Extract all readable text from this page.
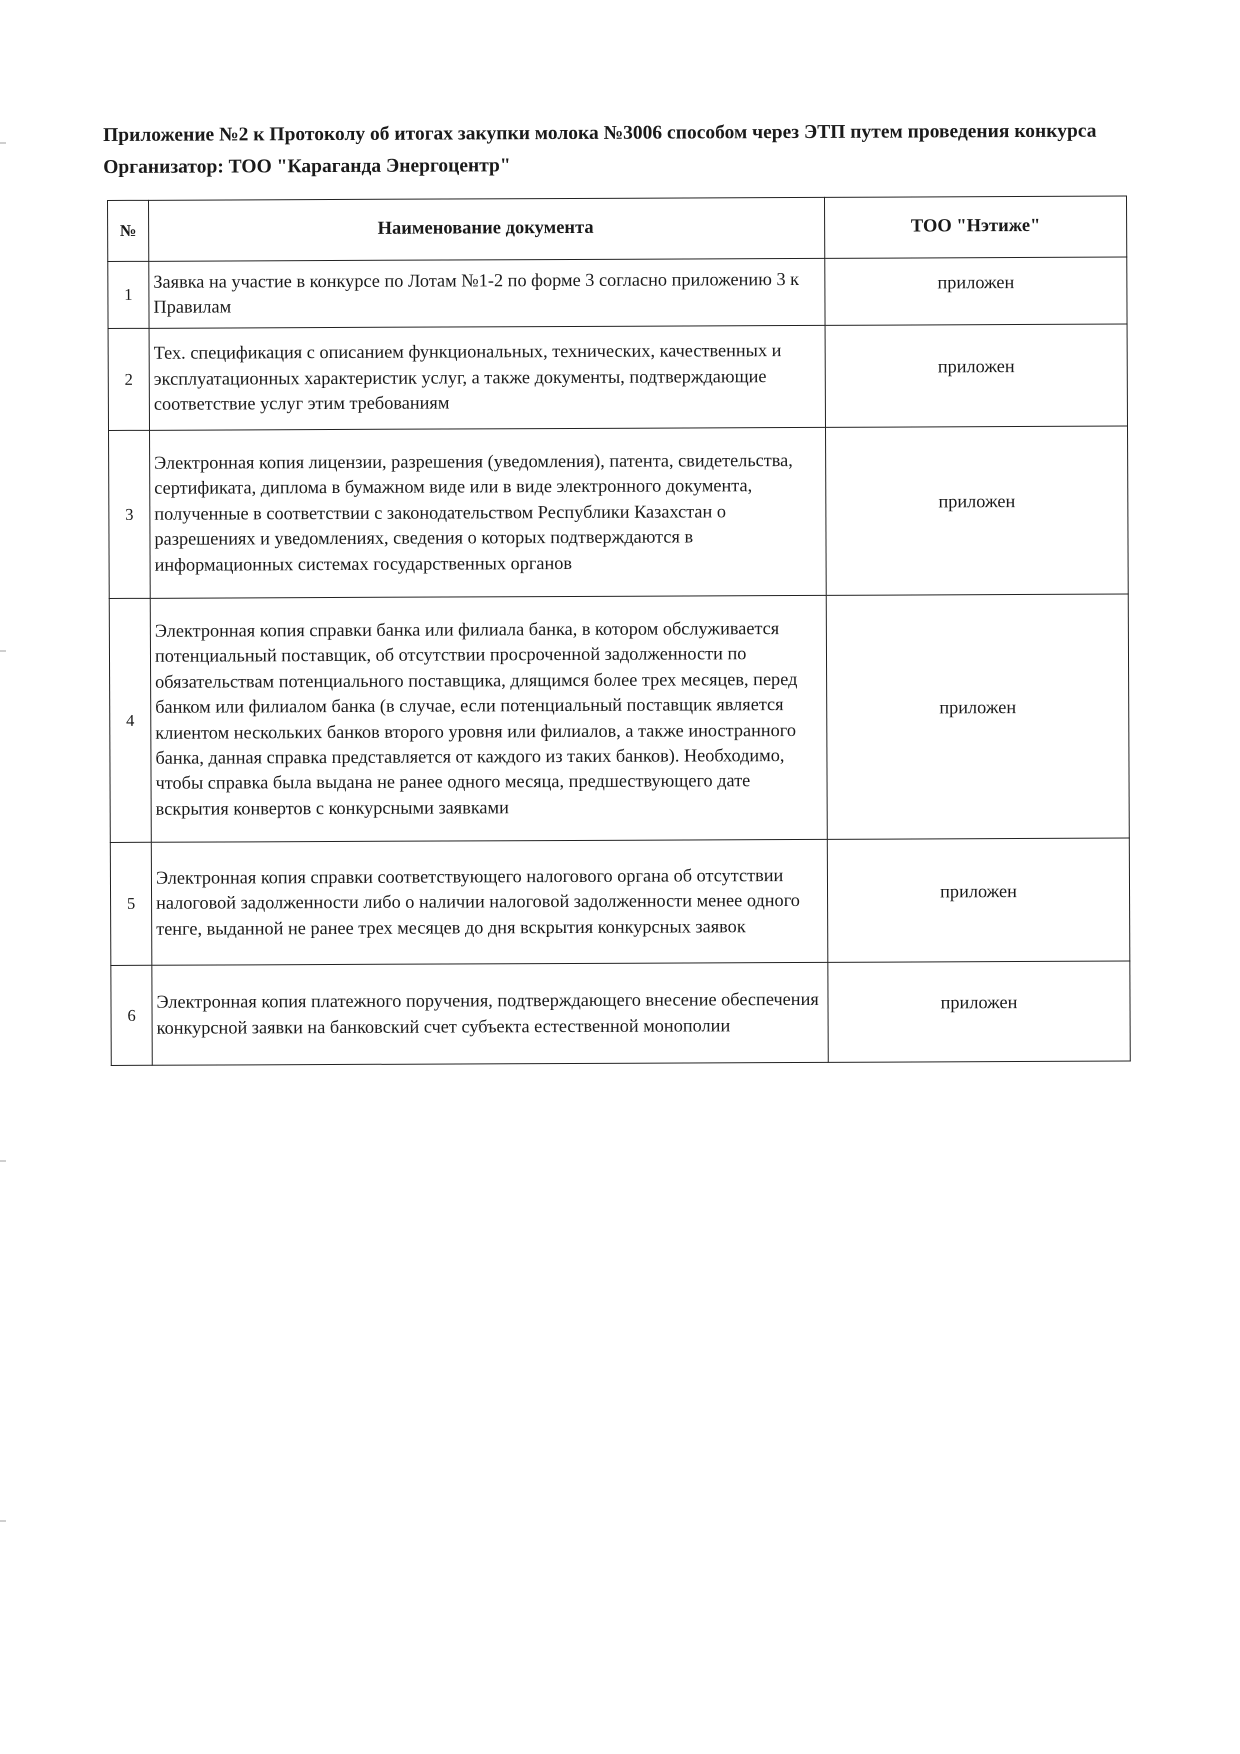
Приложение №2 к Протоколу об итогах закупки молока №3006 способом через ЭТП путем проведения конкурса
Организатор: ТОО "Караганда Энергоцентр"
№	Наименование документа	ТОО "Нэтиже"
1	Заявка на участие в конкурсе по Лотам №1-2 по форме 3 согласно приложению 3 к Правилам	приложен
2	Тех. спецификация с описанием функциональных, технических, качественных и эксплуатационных характеристик услуг, а также документы, подтверждающие соответствие услуг этим требованиям	приложен
3	Электронная копия лицензии, разрешения (уведомления), патента, свидетельства, сертификата, диплома в бумажном виде или в виде электронного документа, полученные в соответствии с законодательством Республики Казахстан о разрешениях и уведомлениях, сведения о которых подтверждаются в информационных системах государственных органов	приложен
4	Электронная копия справки банка или филиала банка, в котором обслуживается потенциальный поставщик, об отсутствии просроченной задолженности по обязательствам потенциального поставщика, длящимся более трех месяцев, перед банком или филиалом банка (в случае, если потенциальный поставщик является клиентом нескольких банков второго уровня или филиалов, а также иностранного банка, данная справка представляется от каждого из таких банков). Необходимо, чтобы справка была выдана не ранее одного месяца, предшествующего дате вскрытия конвертов с конкурсными заявками	приложен
5	Электронная копия справки соответствующего налогового органа об отсутствии налоговой задолженности либо о наличии налоговой задолженности менее одного тенге, выданной не ранее трех месяцев до дня вскрытия конкурсных заявок	приложен
6	Электронная копия платежного поручения, подтверждающего внесение обеспечения конкурсной заявки на банковский счет субъекта естественной монополии	приложен
